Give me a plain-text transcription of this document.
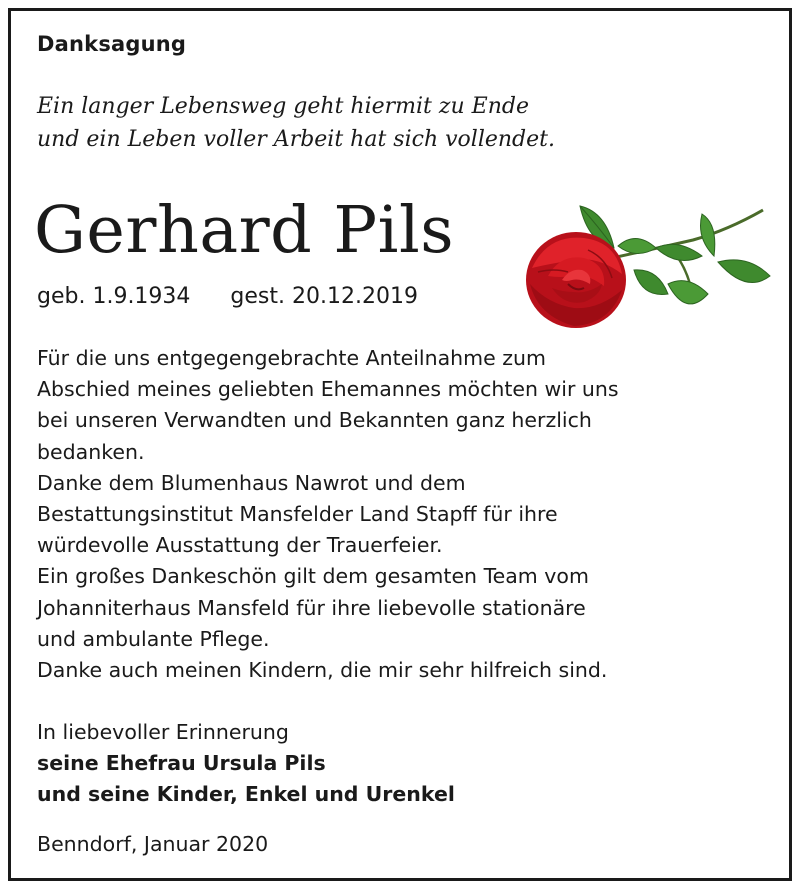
Danksagung
Ein langer Lebensweg geht hiermit zu Ende
und ein Leben voller Arbeit hat sich vollendet.
Gerhard Pils
geb. 1.9.1934 gest. 20.12.2019
Für die uns entgegengebrachte Anteilnahme zum
Abschied meines geliebten Ehemannes möchten wir uns
bei unseren Verwandten und Bekannten ganz herzlich
bedanken.
Danke dem Blumenhaus Nawrot und dem
Bestattungsinstitut Mansfelder Land Stapff für ihre
würdevolle Ausstattung der Trauerfeier.
Ein großes Dankeschön gilt dem gesamten Team vom
Johanniterhaus Mansfeld für ihre liebevolle stationäre
und ambulante Pflege.
Danke auch meinen Kindern, die mir sehr hilfreich sind.
In liebevoller Erinnerung
seine Ehefrau Ursula Pils
und seine Kinder, Enkel und Urenkel
Benndorf, Januar 2020
